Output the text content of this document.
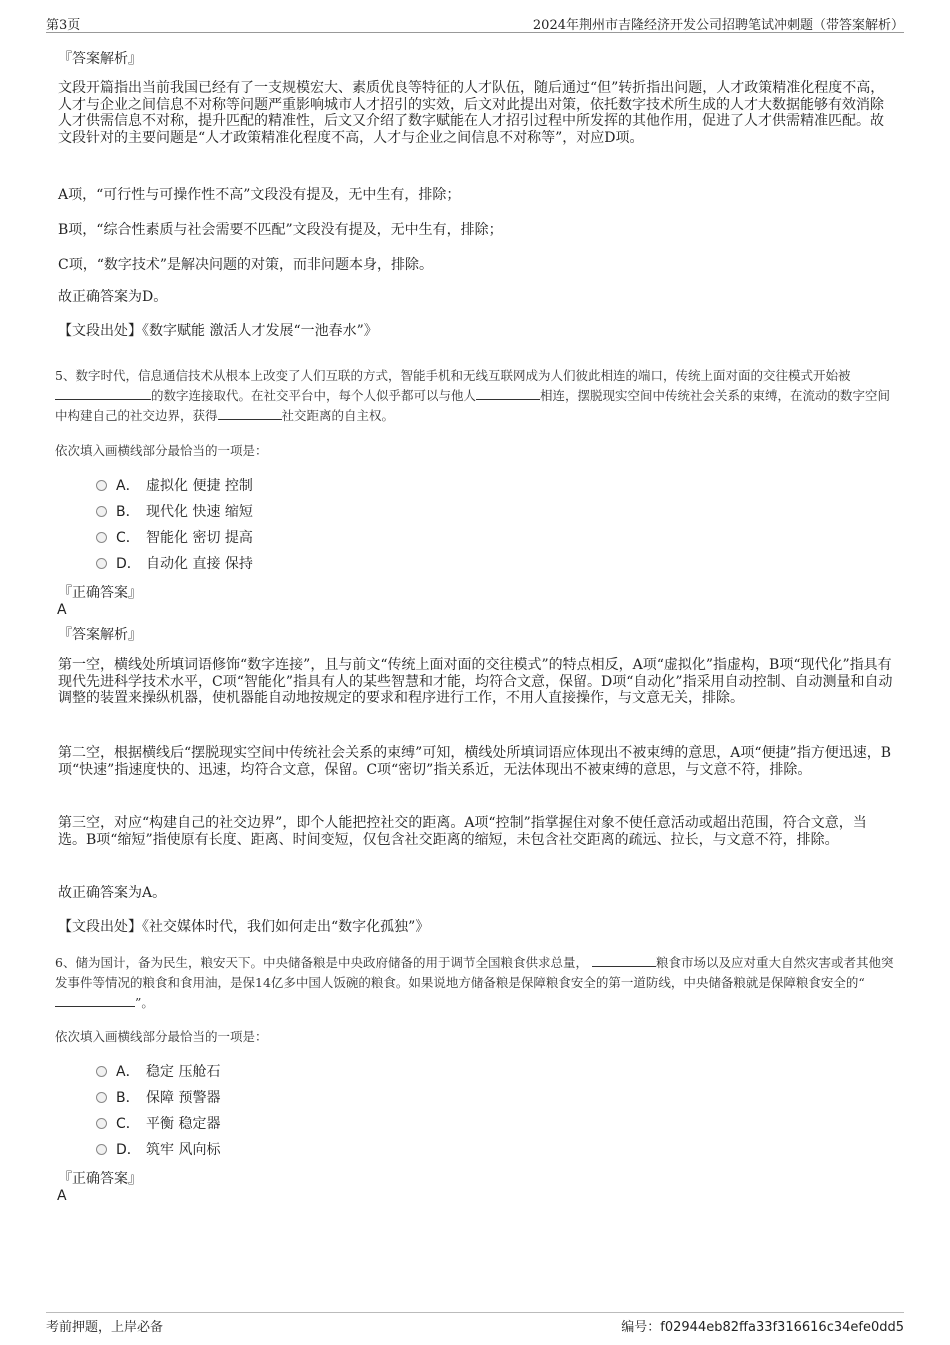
第3页	2024年荆州市吉隆经济开发公司招聘笔试冲刺题（带答案解析）
『答案解析』
文段开篇指出当前我国已经有了一支规模宏大、素质优良等特征的人才队伍，随后通过“但”转折指出问题，人才政策精准化程度不高，人才与企业之间信息不对称等问题严重影响城市人才招引的实效，后文对此提出对策，依托数字技术所生成的人才大数据能够有效消除人才供需信息不对称，提升匹配的精准性，后文又介绍了数字赋能在人才招引过程中所发挥的其他作用，促进了人才供需精准匹配。故文段针对的主要问题是“人才政策精准化程度不高，人才与企业之间信息不对称等”，对应D项。
A项，“可行性与可操作性不高”文段没有提及，无中生有，排除；
B项，“综合性素质与社会需要不匹配”文段没有提及，无中生有，排除；
C项，“数字技术”是解决问题的对策，而非问题本身，排除。
故正确答案为D。
【文段出处】《数字赋能 激活人才发展“一池春水”》
5、数字时代，信息通信技术从根本上改变了人们互联的方式，智能手机和无线互联网成为人们彼此相连的端口，传统上面对面的交往模式开始被 的数字连接取代。在社交平台中，每个人似乎都可以与他人	相连，摆脱现实空间中传统社会关系的束缚，在流动的数字空间中构建自己的社交边界，获得	社交距离的自主权。
依次填入画横线部分最恰当的一项是：
A． 虚拟化 便捷 控制
B． 现代化 快速 缩短
C． 智能化 密切 提高
D． 自动化 直接 保持
『正确答案』
A
『答案解析』
第一空，横线处所填词语修饰“数字连接”，且与前文“传统上面对面的交往模式”的特点相反，A项“虚拟化”指虚构，B项“现代化”指具有现代先进科学技术水平，C项“智能化”指具有人的某些智慧和才能，均符合文意，保留。D项“自动化”指采用自动控制、自动测量和自动调整的装置来操纵机器，使机器能自动地按规定的要求和程序进行工作，不用人直接操作，与文意无关，排除。
第二空，根据横线后“摆脱现实空间中传统社会关系的束缚”可知，横线处所填词语应体现出不被束缚的意思，A项“便捷”指方便迅速，B项“快速”指速度快的、迅速，均符合文意，保留。C项“密切”指关系近，无法体现出不被束缚的意思，与文意不符，排除。
第三空，对应“构建自己的社交边界”，即个人能把控社交的距离。A项“控制”指掌握住对象不使任意活动或超出范围，符合文意，当选。B项“缩短”指使原有长度、距离、时间变短，仅包含社交距离的缩短，未包含社交距离的疏远、拉长，与文意不符，排除。
故正确答案为A。
【文段出处】《社交媒体时代，我们如何走出“数字化孤独”》
6、储为国计，备为民生，粮安天下。中央储备粮是中央政府储备的用于调节全国粮食供求总量，	粮食市场以及应对重大自然灾害或者其他突发事件等情况的粮食和食用油，是保14亿多中国人饭碗的粮食。如果说地方储备粮是保障粮食安全的第一道防线，中央储备粮就是保障粮食安全的“”。
依次填入画横线部分最恰当的一项是：
A． 稳定 压舱石
B． 保障 预警器
C． 平衡 稳定器
D． 筑牢 风向标
『正确答案』
A
考前押题，上岸必备	编号：f02944eb82ffa33f316616c34efe0dd5
